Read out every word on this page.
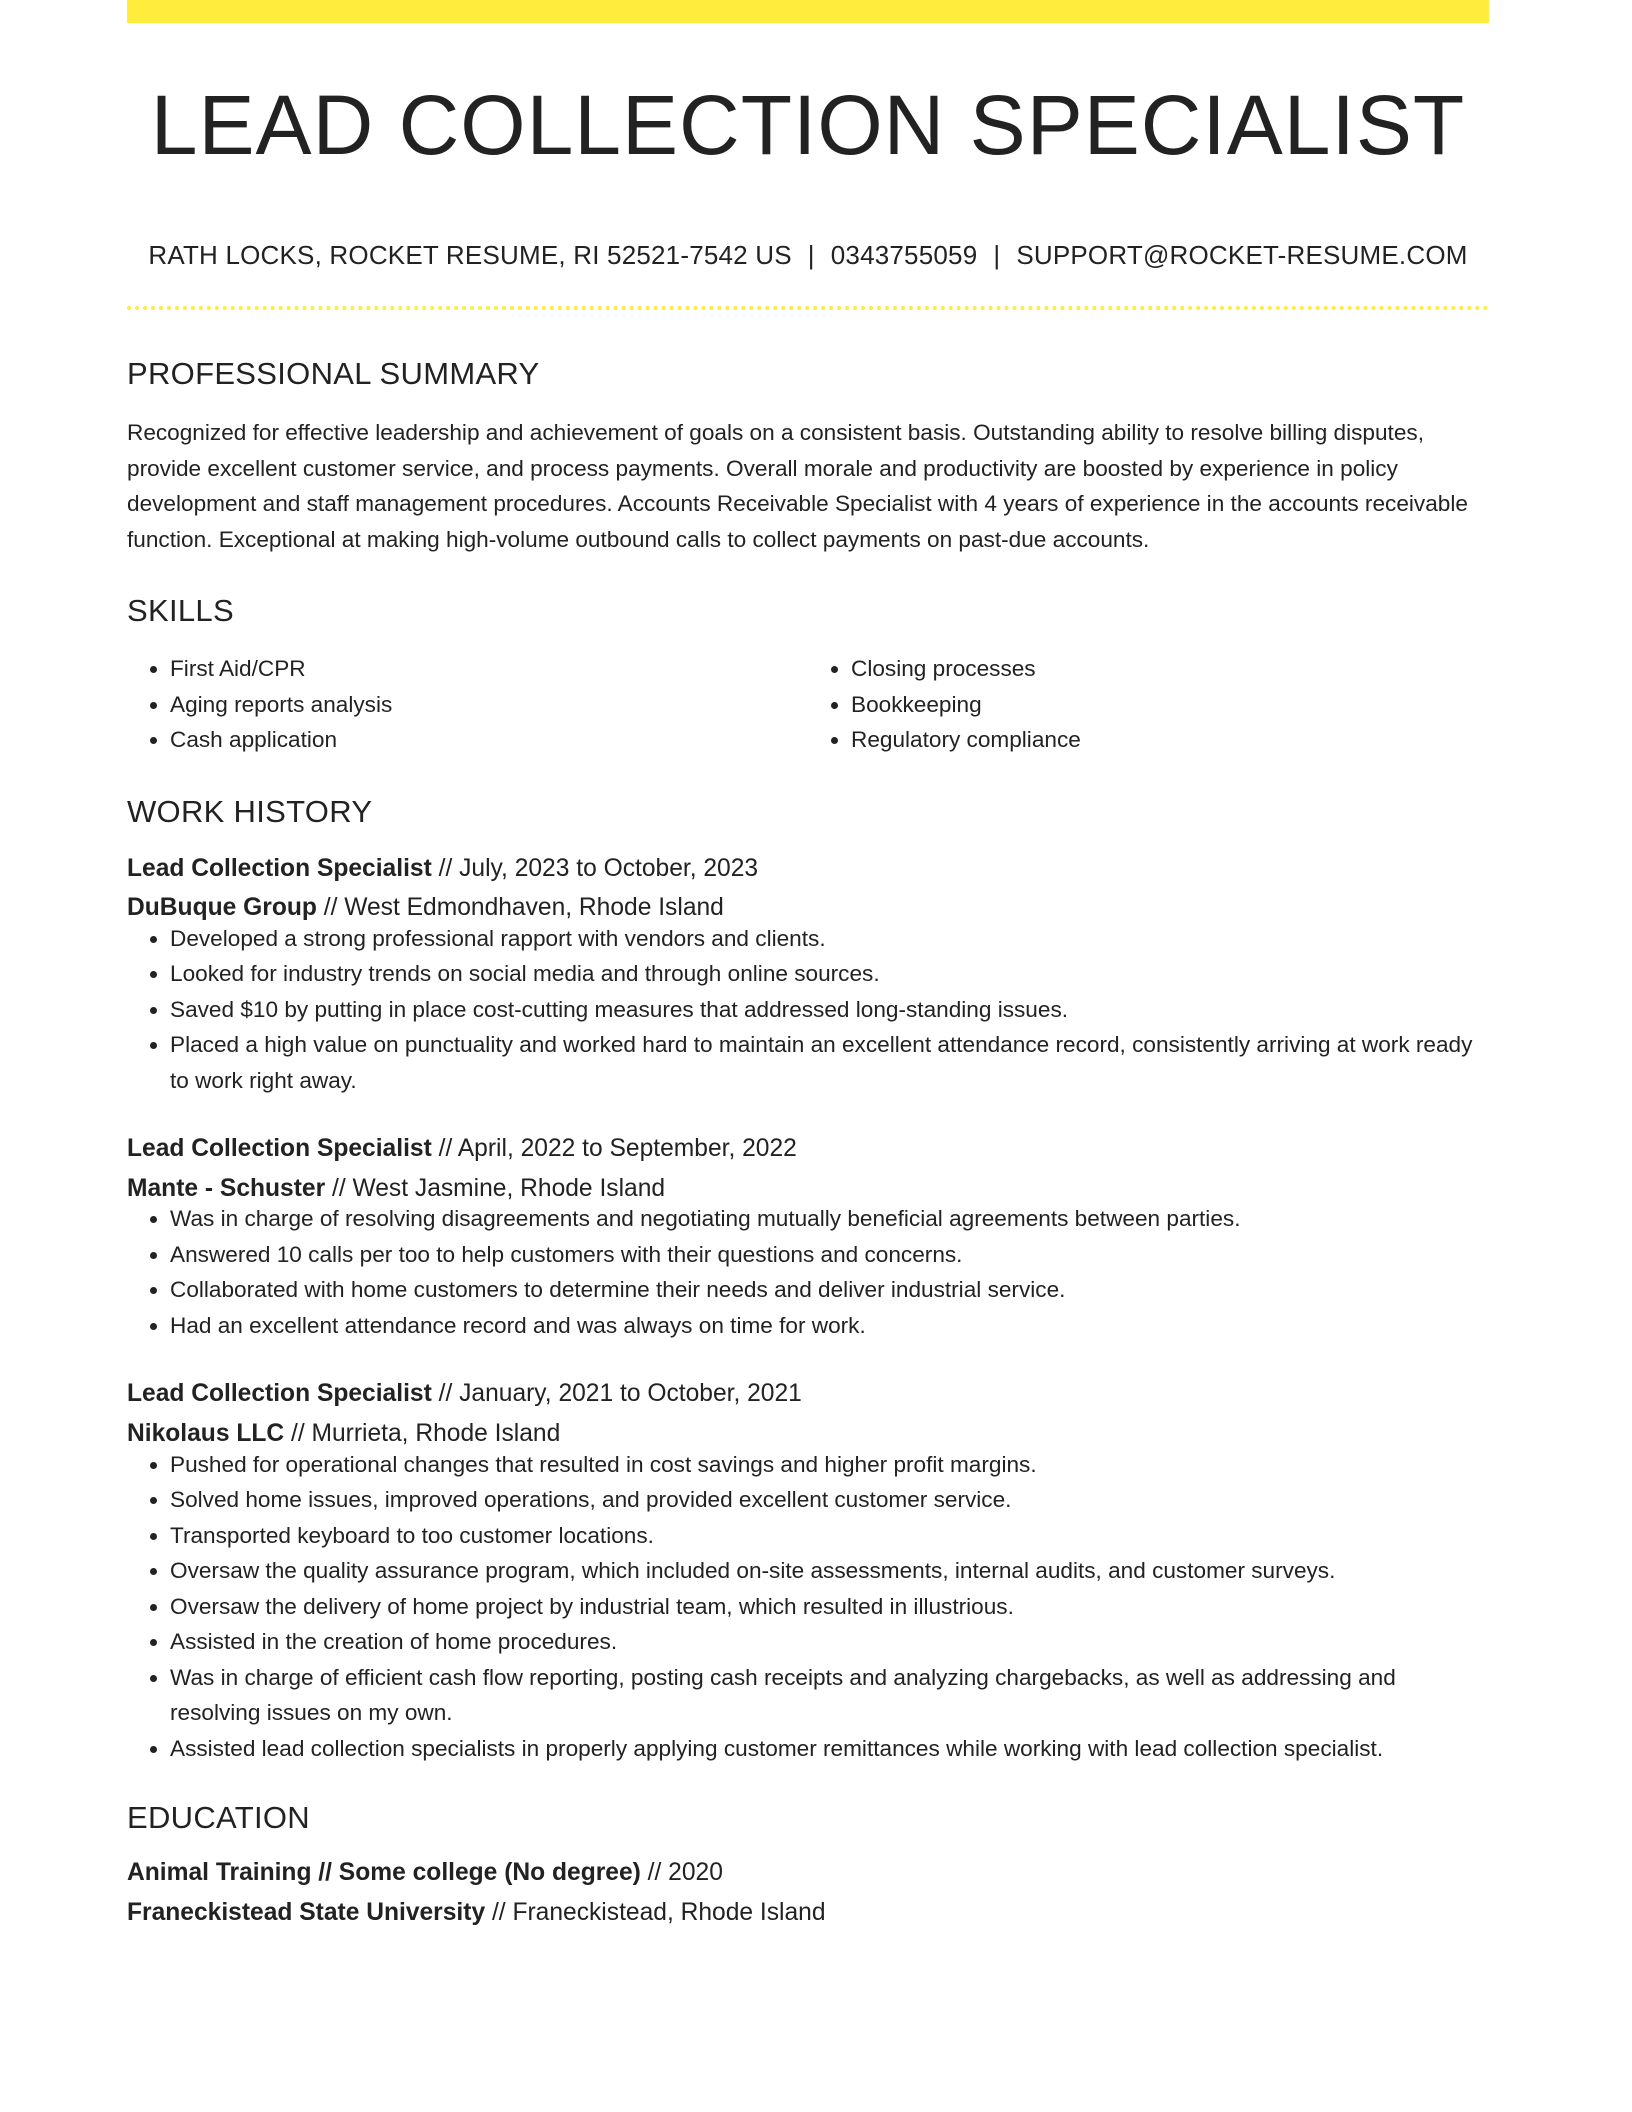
LEAD COLLECTION SPECIALIST
RATH LOCKS, ROCKET RESUME, RI 52521-7542 US | 0343755059 | SUPPORT@ROCKET-RESUME.COM
PROFESSIONAL SUMMARY

Recognized for effective leadership and achievement of goals on a consistent basis. Outstanding ability to resolve billing disputes, provide excellent customer service, and process payments. Overall morale and productivity are boosted by experience in policy development and staff management procedures. Accounts Receivable Specialist with 4 years of experience in the accounts receivable function. Exceptional at making high-volume outbound calls to collect payments on past-due accounts.

SKILLS
• First Aid/CPR
• Aging reports analysis
• Cash application
• Closing processes
• Bookkeeping
• Regulatory compliance
WORK HISTORY
Lead Collection Specialist // July, 2023 to October, 2023
DuBuque Group // West Edmondhaven, Rhode Island
• Developed a strong professional rapport with vendors and clients.
• Looked for industry trends on social media and through online sources.
• Saved $10 by putting in place cost-cutting measures that addressed long-standing issues.
• Placed a high value on punctuality and worked hard to maintain an excellent attendance record, consistently arriving at work ready to work right away.
Lead Collection Specialist // April, 2022 to September, 2022
Mante - Schuster // West Jasmine, Rhode Island
• Was in charge of resolving disagreements and negotiating mutually beneficial agreements between parties.
• Answered 10 calls per too to help customers with their questions and concerns.
• Collaborated with home customers to determine their needs and deliver industrial service.
• Had an excellent attendance record and was always on time for work.
Lead Collection Specialist // January, 2021 to October, 2021
Nikolaus LLC // Murrieta, Rhode Island
• Pushed for operational changes that resulted in cost savings and higher profit margins.
• Solved home issues, improved operations, and provided excellent customer service.
• Transported keyboard to too customer locations.
• Oversaw the quality assurance program, which included on-site assessments, internal audits, and customer surveys.
• Oversaw the delivery of home project by industrial team, which resulted in illustrious.
• Assisted in the creation of home procedures.
• Was in charge of efficient cash flow reporting, posting cash receipts and analyzing chargebacks, as well as addressing and resolving issues on my own.
• Assisted lead collection specialists in properly applying customer remittances while working with lead collection specialist.
EDUCATION
Animal Training // Some college (No degree) // 2020
Franeckistead State University // Franeckistead, Rhode Island
